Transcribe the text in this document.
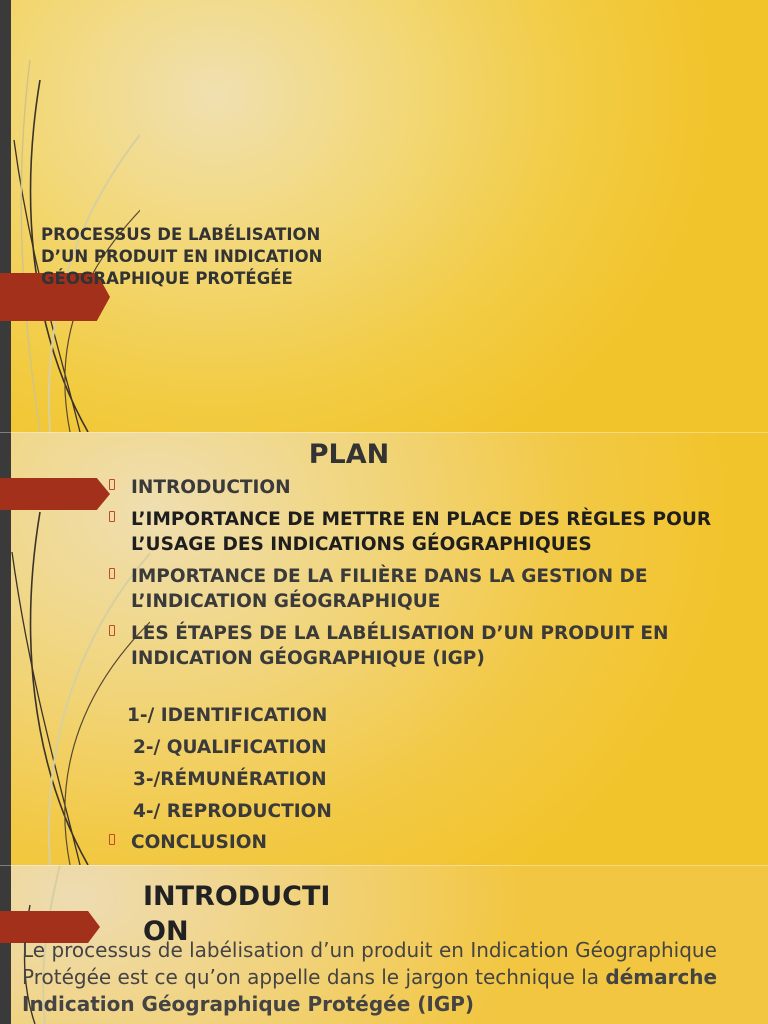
PROCESSUS DE LABÉLISATION
D’UN PRODUIT EN INDICATION
GÉOGRAPHIQUE PROTÉGÉE
PLAN
INTRODUCTION
L’IMPORTANCE DE METTRE EN PLACE DES RÈGLES POUR L’USAGE DES INDICATIONS GÉOGRAPHIQUES
IMPORTANCE DE LA FILIÈRE DANS LA GESTION DE L’INDICATION GÉOGRAPHIQUE
LES ÉTAPES DE LA LABÉLISATION D’UN PRODUIT EN INDICATION GÉOGRAPHIQUE (IGP)
1-/ IDENTIFICATION
2-/ QUALIFICATION
3-/RÉMUNÉRATION
4-/ REPRODUCTION
CONCLUSION
INTRODUCTION
Le processus de labélisation d’un produit en Indication Géographique Protégée est ce qu’on appelle dans le jargon technique la démarche Indication Géographique Protégée (IGP)
